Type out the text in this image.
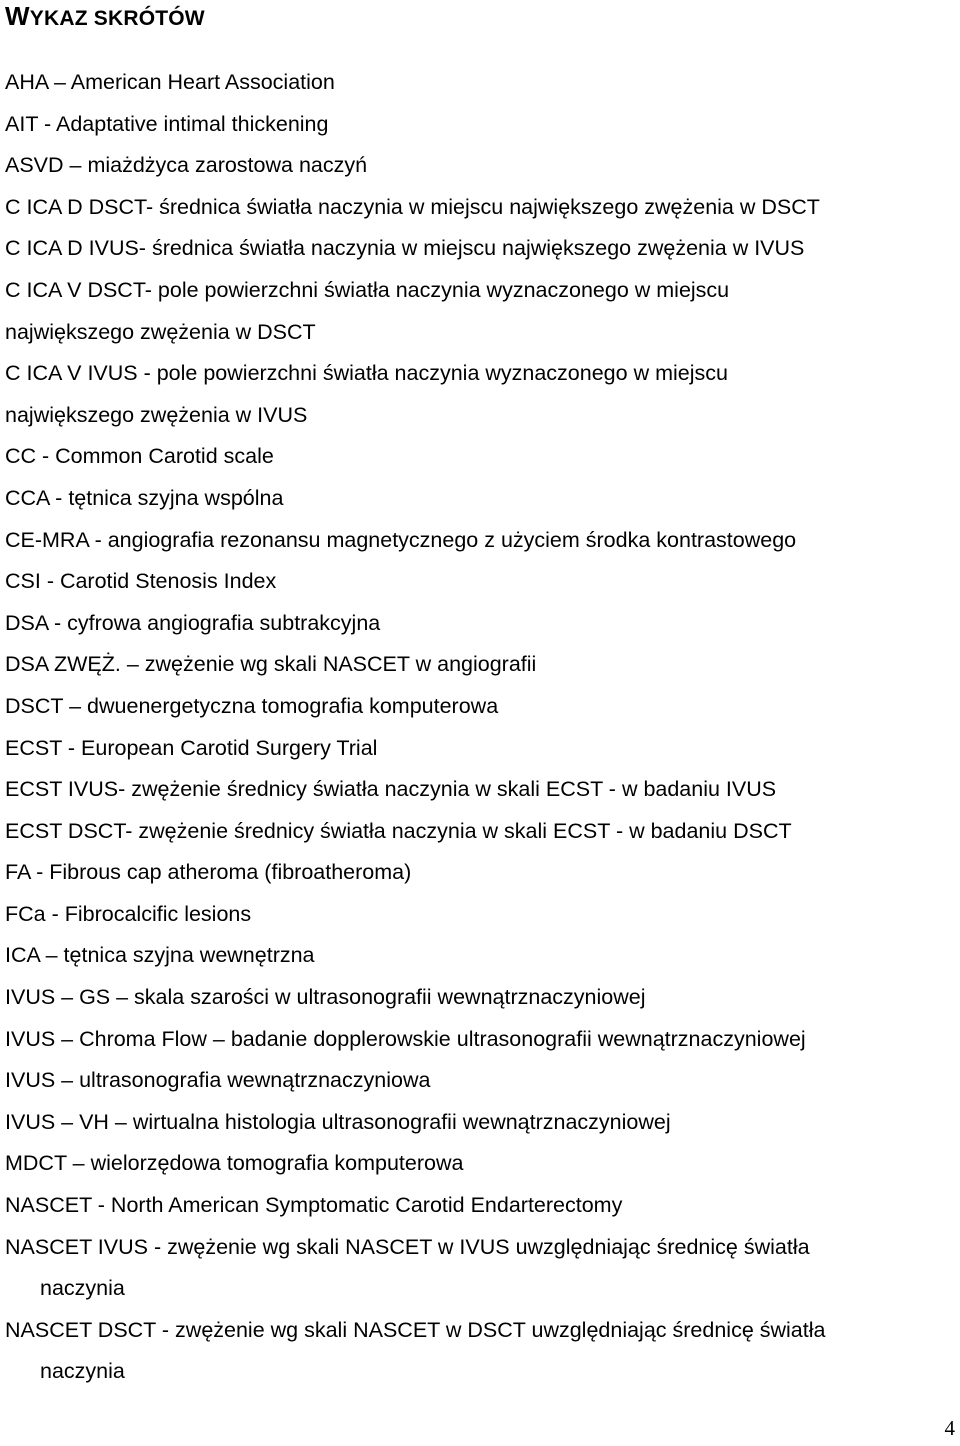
WYKAZ SKRÓTÓW

AHA – American Heart Association

AIT - Adaptative intimal thickening

ASVD – miażdżyca zarostowa naczyń

C ICA D DSCT- średnica światła naczynia w miejscu największego zwężenia w DSCT

C ICA D IVUS- średnica światła naczynia w miejscu największego zwężenia w IVUS

C ICA V DSCT- pole powierzchni światła naczynia wyznaczonego w miejscu
największego zwężenia w DSCT

C ICA V IVUS - pole powierzchni światła naczynia wyznaczonego w miejscu
największego zwężenia w IVUS

CC - Common Carotid scale

CCA - tętnica szyjna wspólna

CE-MRA - angiografia rezonansu magnetycznego z użyciem środka kontrastowego

CSI - Carotid Stenosis Index

DSA - cyfrowa angiografia subtrakcyjna

DSA ZWĘŻ. – zwężenie wg skali NASCET w angiografii

DSCT – dwuenergetyczna tomografia komputerowa

ECST - European Carotid Surgery Trial

ECST IVUS- zwężenie średnicy światła naczynia w skali ECST - w badaniu IVUS

ECST DSCT- zwężenie średnicy światła naczynia w skali ECST - w badaniu DSCT

FA - Fibrous cap atheroma (fibroatheroma)

FCa - Fibrocalcific lesions

ICA – tętnica szyjna wewnętrzna

IVUS – GS – skala szarości w ultrasonografii wewnątrznaczyniowej

IVUS – Chroma Flow – badanie dopplerowskie ultrasonografii wewnątrznaczyniowej

IVUS – ultrasonografia wewnątrznaczyniowa

IVUS – VH – wirtualna histologia ultrasonografii wewnątrznaczyniowej

MDCT – wielorzędowa tomografia komputerowa

NASCET - North American Symptomatic Carotid Endarterectomy

NASCET IVUS - zwężenie wg skali NASCET w IVUS uwzględniając średnicę światła
naczynia

NASCET DSCT - zwężenie wg skali NASCET w DSCT uwzględniając średnicę światła
naczynia

4
